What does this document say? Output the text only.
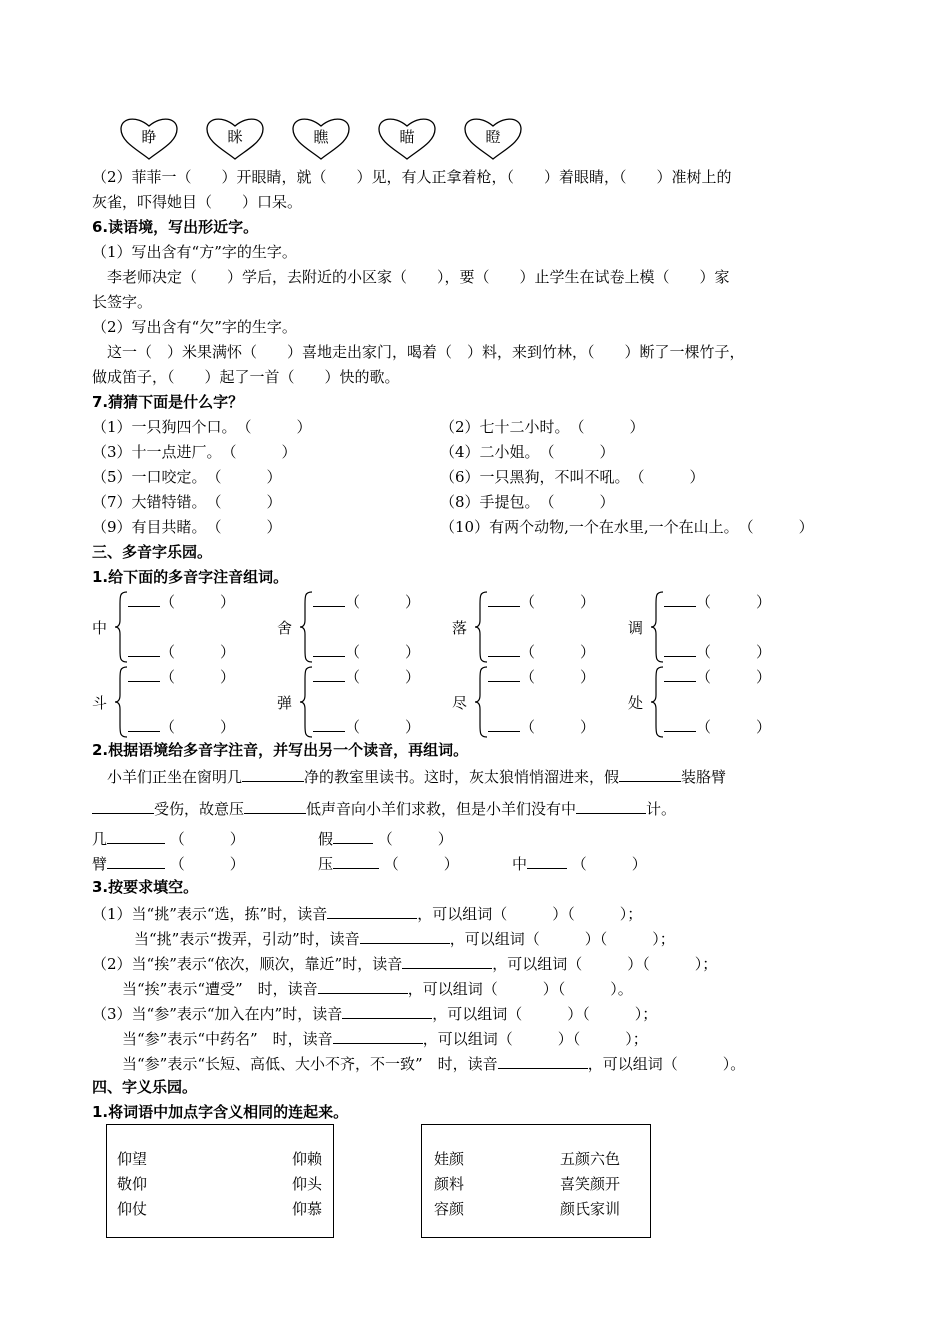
睁	眯	瞧	瞄	瞪
（2）菲菲一（　　）开眼睛，就（　　）见，有人正拿着枪，（　　）着眼睛，（　　）准树上的
灰雀，吓得她目（　　）口呆。
6.读语境，写出形近字。
（1）写出含有“方”字的生字。
　李老师决定（　　）学后，去附近的小区家（　　），要（　　）止学生在试卷上模（　　）家
长签字。
（2）写出含有“欠”字的生字。
　这一（　）米果满怀（　　）喜地走出家门，喝着（　）料，来到竹林，（　　）断了一棵竹子，
做成笛子，（　　）起了一首（　　）快的歌。
7.猜猜下面是什么字？
（1）一只狗四个口。　（　　　）	（2）七十二小时。　（　　　）
（3）十一点进厂。　（　　　）	（4）二小姐。　（　　　）
（5）一口咬定。　（　　　）	（6）一只黑狗，不叫不吼。　（　　　）
（7）大错特错。　（　　　）	（8）手提包。　（　　　）
（9）有目共睹。　（　　　）	（10）有两个动物,一个在水里,一个在山上。　（　　　）
三、多音字乐园。
1.给下面的多音字注音组词。
中
（　　　）
（　　　）
舍
（　　　）
（　　　）
落
（　　　）
（　　　）
调
（　　　）
（　　　）
斗
（　　　）
（　　　）
弹
（　　　）
（　　　）
尽
（　　　）
（　　　）
处
（　　　）
（　　　）
2.根据语境给多音字注音，并写出另一个读音，再组词。
　小羊们正坐在窗明几	净的教室里读书。这时，灰太狼悄悄溜进来，假	装胳臂
受伤，故意压	低声音向小羊们求救，但是小羊们没有中	计。
几	（　　　）	假	（　　　）
臂	（　　　）	压	（　　　）	中	（　　　）
3.按要求填空。
（1）当“挑”表示“选，拣”时，读音	，可以组词（　　　）（　　　）；
　　当“挑”表示“拨弄，引动”时，读音	，可以组词（　　　）（　　　）；
（2）当“挨”表示“依次，顺次，靠近”时，读音	，可以组词（　　　）（　　　）；
　　当“挨”表示“遭受”　时，读音	，可以组词（　　　）（　　　）。
（3）当“参”表示“加入在内”时，读音	，可以组词（　　　）（　　　）；
　　当“参”表示“中药名”　时，读音	，可以组词（　　　）（　　　）；
　　当“参”表示“长短、高低、大小不齐，不一致”　时，读音	，可以组词（　　　）。
四、字义乐园。
1.将词语中加点字含义相同的连起来。
仰望
敬仰
仰仗
仰赖
仰头
仰慕
娃颜
颜料
容颜
五颜六色
喜笑颜开
颜氏家训
